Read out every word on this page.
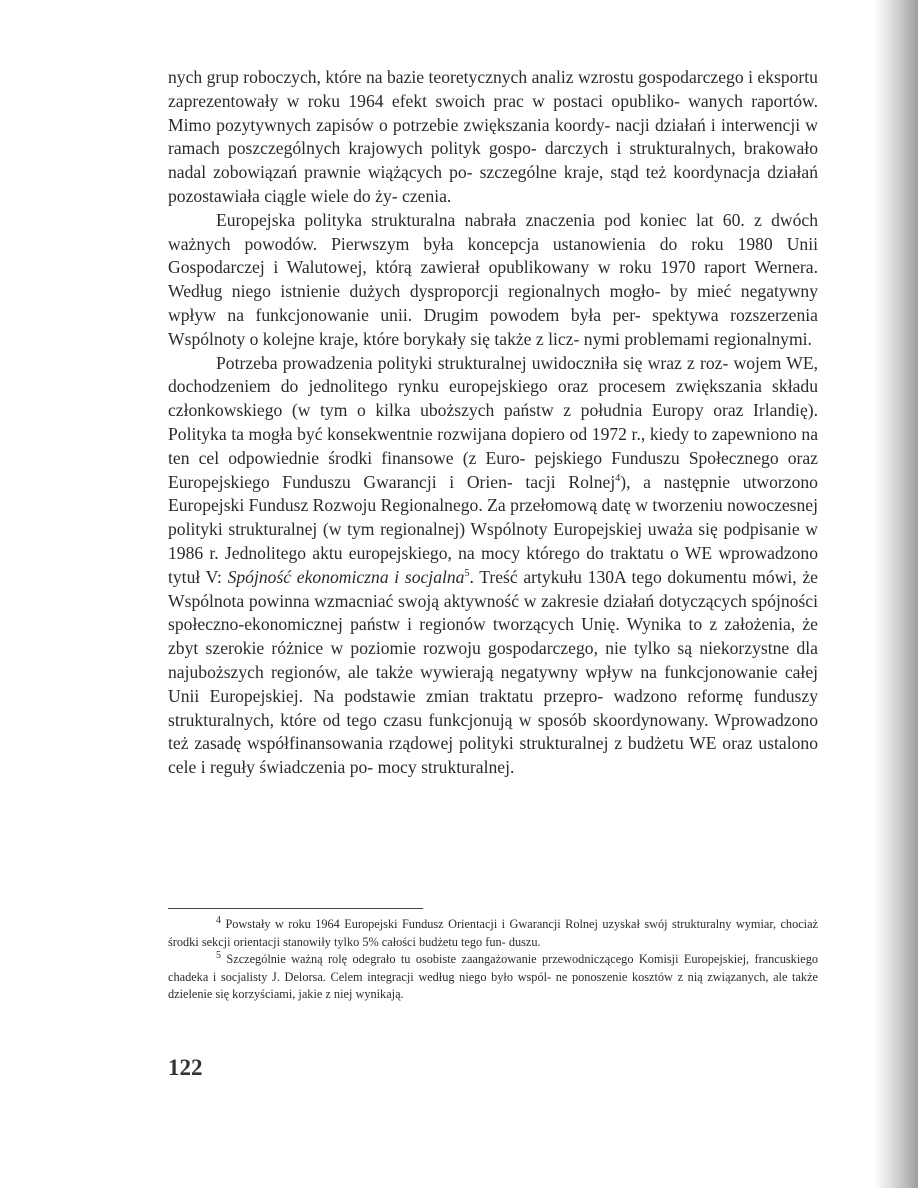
nych grup roboczych, które na bazie teoretycznych analiz wzrostu gospodarczego i eksportu zaprezentowały w roku 1964 efekt swoich prac w postaci opubliko- wanych raportów. Mimo pozytywnych zapisów o potrzebie zwiększania koordy- nacji działań i interwencji w ramach poszczególnych krajowych polityk gospo- darczych i strukturalnych, brakowało nadal zobowiązań prawnie wiążących po- szczególne kraje, stąd też koordynacja działań pozostawiała ciągle wiele do ży- czenia.

Europejska polityka strukturalna nabrała znaczenia pod koniec lat 60. z dwóch ważnych powodów. Pierwszym była koncepcja ustanowienia do roku 1980 Unii Gospodarczej i Walutowej, którą zawierał opublikowany w roku 1970 raport Wernera. Według niego istnienie dużych dysproporcji regionalnych mogło- by mieć negatywny wpływ na funkcjonowanie unii. Drugim powodem była per- spektywa rozszerzenia Wspólnoty o kolejne kraje, które borykały się także z licz- nymi problemami regionalnymi.

Potrzeba prowadzenia polityki strukturalnej uwidoczniła się wraz z roz- wojem WE, dochodzeniem do jednolitego rynku europejskiego oraz procesem zwiększania składu członkowskiego (w tym o kilka uboższych państw z południa Europy oraz Irlandię). Polityka ta mogła być konsekwentnie rozwijana dopiero od 1972 r., kiedy to zapewniono na ten cel odpowiednie środki finansowe (z Euro- pejskiego Funduszu Społecznego oraz Europejskiego Funduszu Gwarancji i Orien- tacji Rolnej$^4$), a następnie utworzono Europejski Fundusz Rozwoju Regionalnego. Za przełomową datę w tworzeniu nowoczesnej polityki strukturalnej (w tym regionalnej) Wspólnoty Europejskiej uważa się podpisanie w 1986 r. Jednolitego aktu europejskiego, na mocy którego do traktatu o WE wprowadzono tytuł V: Spójność ekonomiczna i socjalna$^5$. Treść artykułu 130A tego dokumentu mówi, że Wspólnota powinna wzmacniać swoją aktywność w zakresie działań dotyczących spójności społeczno-ekonomicznej państw i regionów tworzących Unię. Wynika to z założenia, że zbyt szerokie różnice w poziomie rozwoju gospodarczego, nie tylko są niekorzystne dla najuboższych regionów, ale także wywierają negatywny wpływ na funkcjonowanie całej Unii Europejskiej. Na podstawie zmian traktatu przepro- wadzono reformę funduszy strukturalnych, które od tego czasu funkcjonują w sposób skoordynowany. Wprowadzono też zasadę współfinansowania rządowej polityki strukturalnej z budżetu WE oraz ustalono cele i reguły świadczenia po- mocy strukturalnej.

$^4$ Powstały w roku 1964 Europejski Fundusz Orientacji i Gwarancji Rolnej uzyskał swój strukturalny wymiar, chociaż środki sekcji orientacji stanowiły tylko 5% całości budżetu tego fun- duszu.

$^5$ Szczególnie ważną rolę odegrało tu osobiste zaangażowanie przewodniczącego Komisji Europejskiej, francuskiego chadeka i socjalisty J. Delorsa. Celem integracji według niego było wspól- ne ponoszenie kosztów z nią związanych, ale także dzielenie się korzyściami, jakie z niej wynikają.

122
